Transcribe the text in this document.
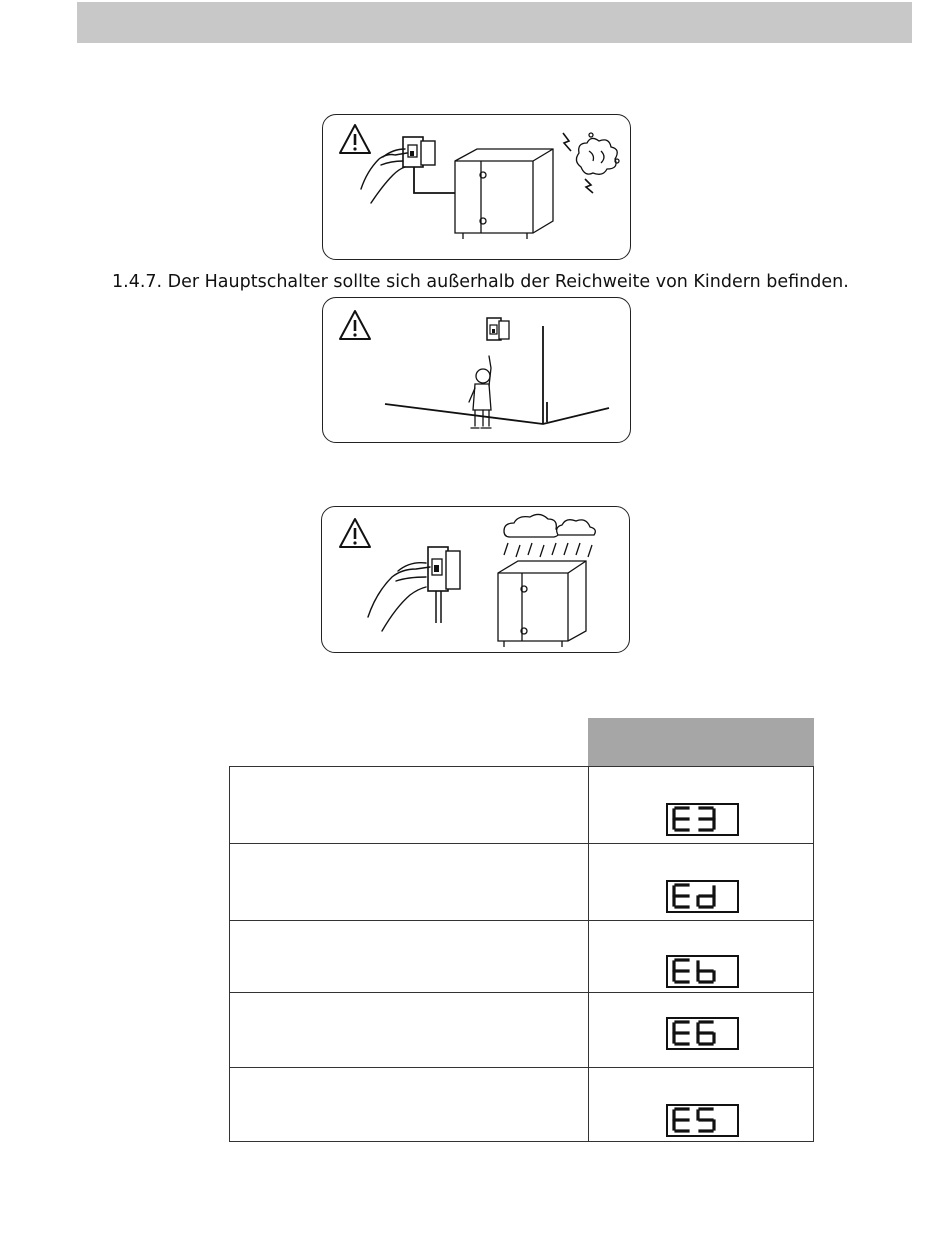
1.4.7. Der Hauptschalter sollte sich außerhalb der Reichweite von Kindern befinden.
